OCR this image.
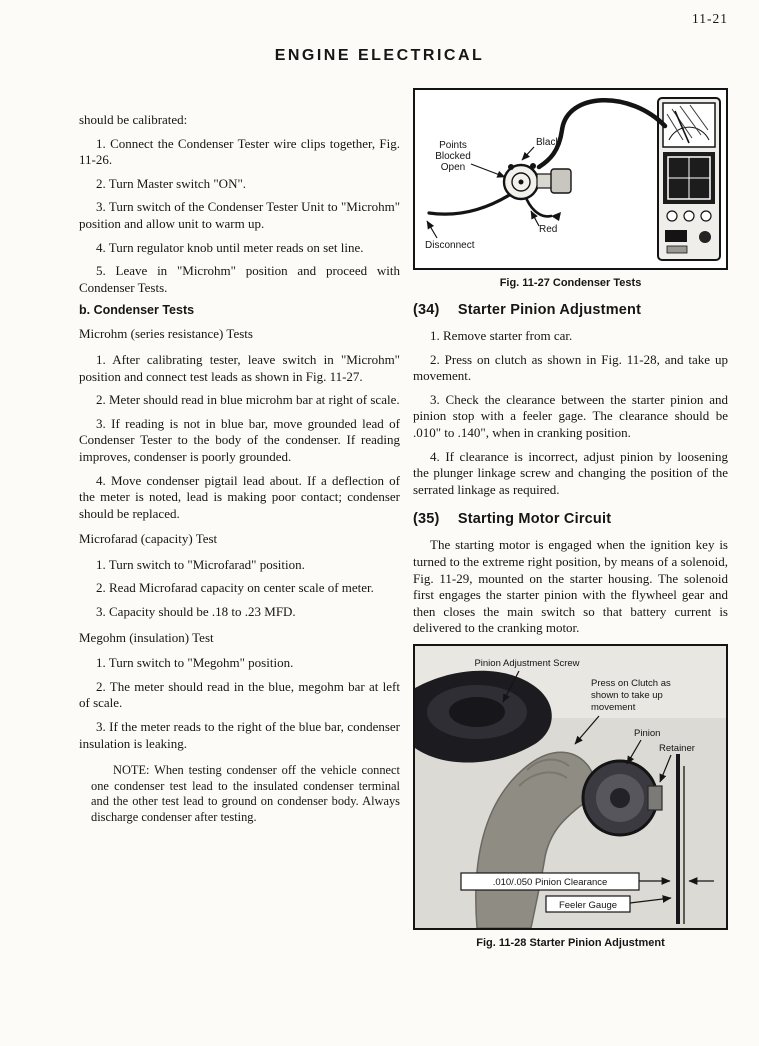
11-21
ENGINE ELECTRICAL

should be calibrated:

1. Connect the Condenser Tester wire clips together, Fig. 11-26.

2. Turn Master switch "ON".

3. Turn switch of the Condenser Tester Unit to "Microhm" position and allow unit to warm up.

4. Turn regulator knob until meter reads on set line.

5. Leave in "Microhm" position and proceed with Condenser Tests.

b. Condenser Tests

Microhm (series resistance) Tests

1. After calibrating tester, leave switch in "Microhm" position and connect test leads as shown in Fig. 11-27.

2. Meter should read in blue microhm bar at right of scale.

3. If reading is not in blue bar, move grounded lead of Condenser Tester to the body of the condenser. If reading improves, condenser is poorly grounded.

4. Move condenser pigtail lead about. If a deflection of the meter is noted, lead is making poor contact; condenser should be replaced.

Microfarad (capacity) Test

1. Turn switch to "Microfarad" position.

2. Read Microfarad capacity on center scale of meter.

3. Capacity should be .18 to .23 MFD.

Megohm (insulation) Test

1. Turn switch to "Megohm" position.

2. The meter should read in the blue, megohm bar at left of scale.

3. If the meter reads to the right of the blue bar, condenser insulation is leaking.

NOTE: When testing condenser off the vehicle connect one condenser test lead to the insulated condenser terminal and the other test lead to ground on condenser body. Always discharge condenser after testing.

Points
Blocked
Open
Black
Red
Disconnect
Fig. 11-27 Condenser Tests
(34) Starter Pinion Adjustment

1. Remove starter from car.

2. Press on clutch as shown in Fig. 11-28, and take up movement.

3. Check the clearance between the starter pinion and pinion stop with a feeler gage. The clearance should be .010" to .140", when in cranking position.

4. If clearance is incorrect, adjust pinion by loosening the plunger linkage screw and changing the position of the serrated linkage as required.

(35) Starting Motor Circuit

The starting motor is engaged when the ignition key is turned to the extreme right position, by means of a solenoid, Fig. 11-29, mounted on the starter housing. The solenoid first engages the starter pinion with the flywheel gear and then closes the main switch so that battery current is delivered to the cranking motor.

Pinion Adjustment Screw
Press on Clutch as
shown to take up
movement
Pinion
Retainer
.010/.050 Pinion Clearance
Feeler Gauge
Fig. 11-28 Starter Pinion Adjustment
